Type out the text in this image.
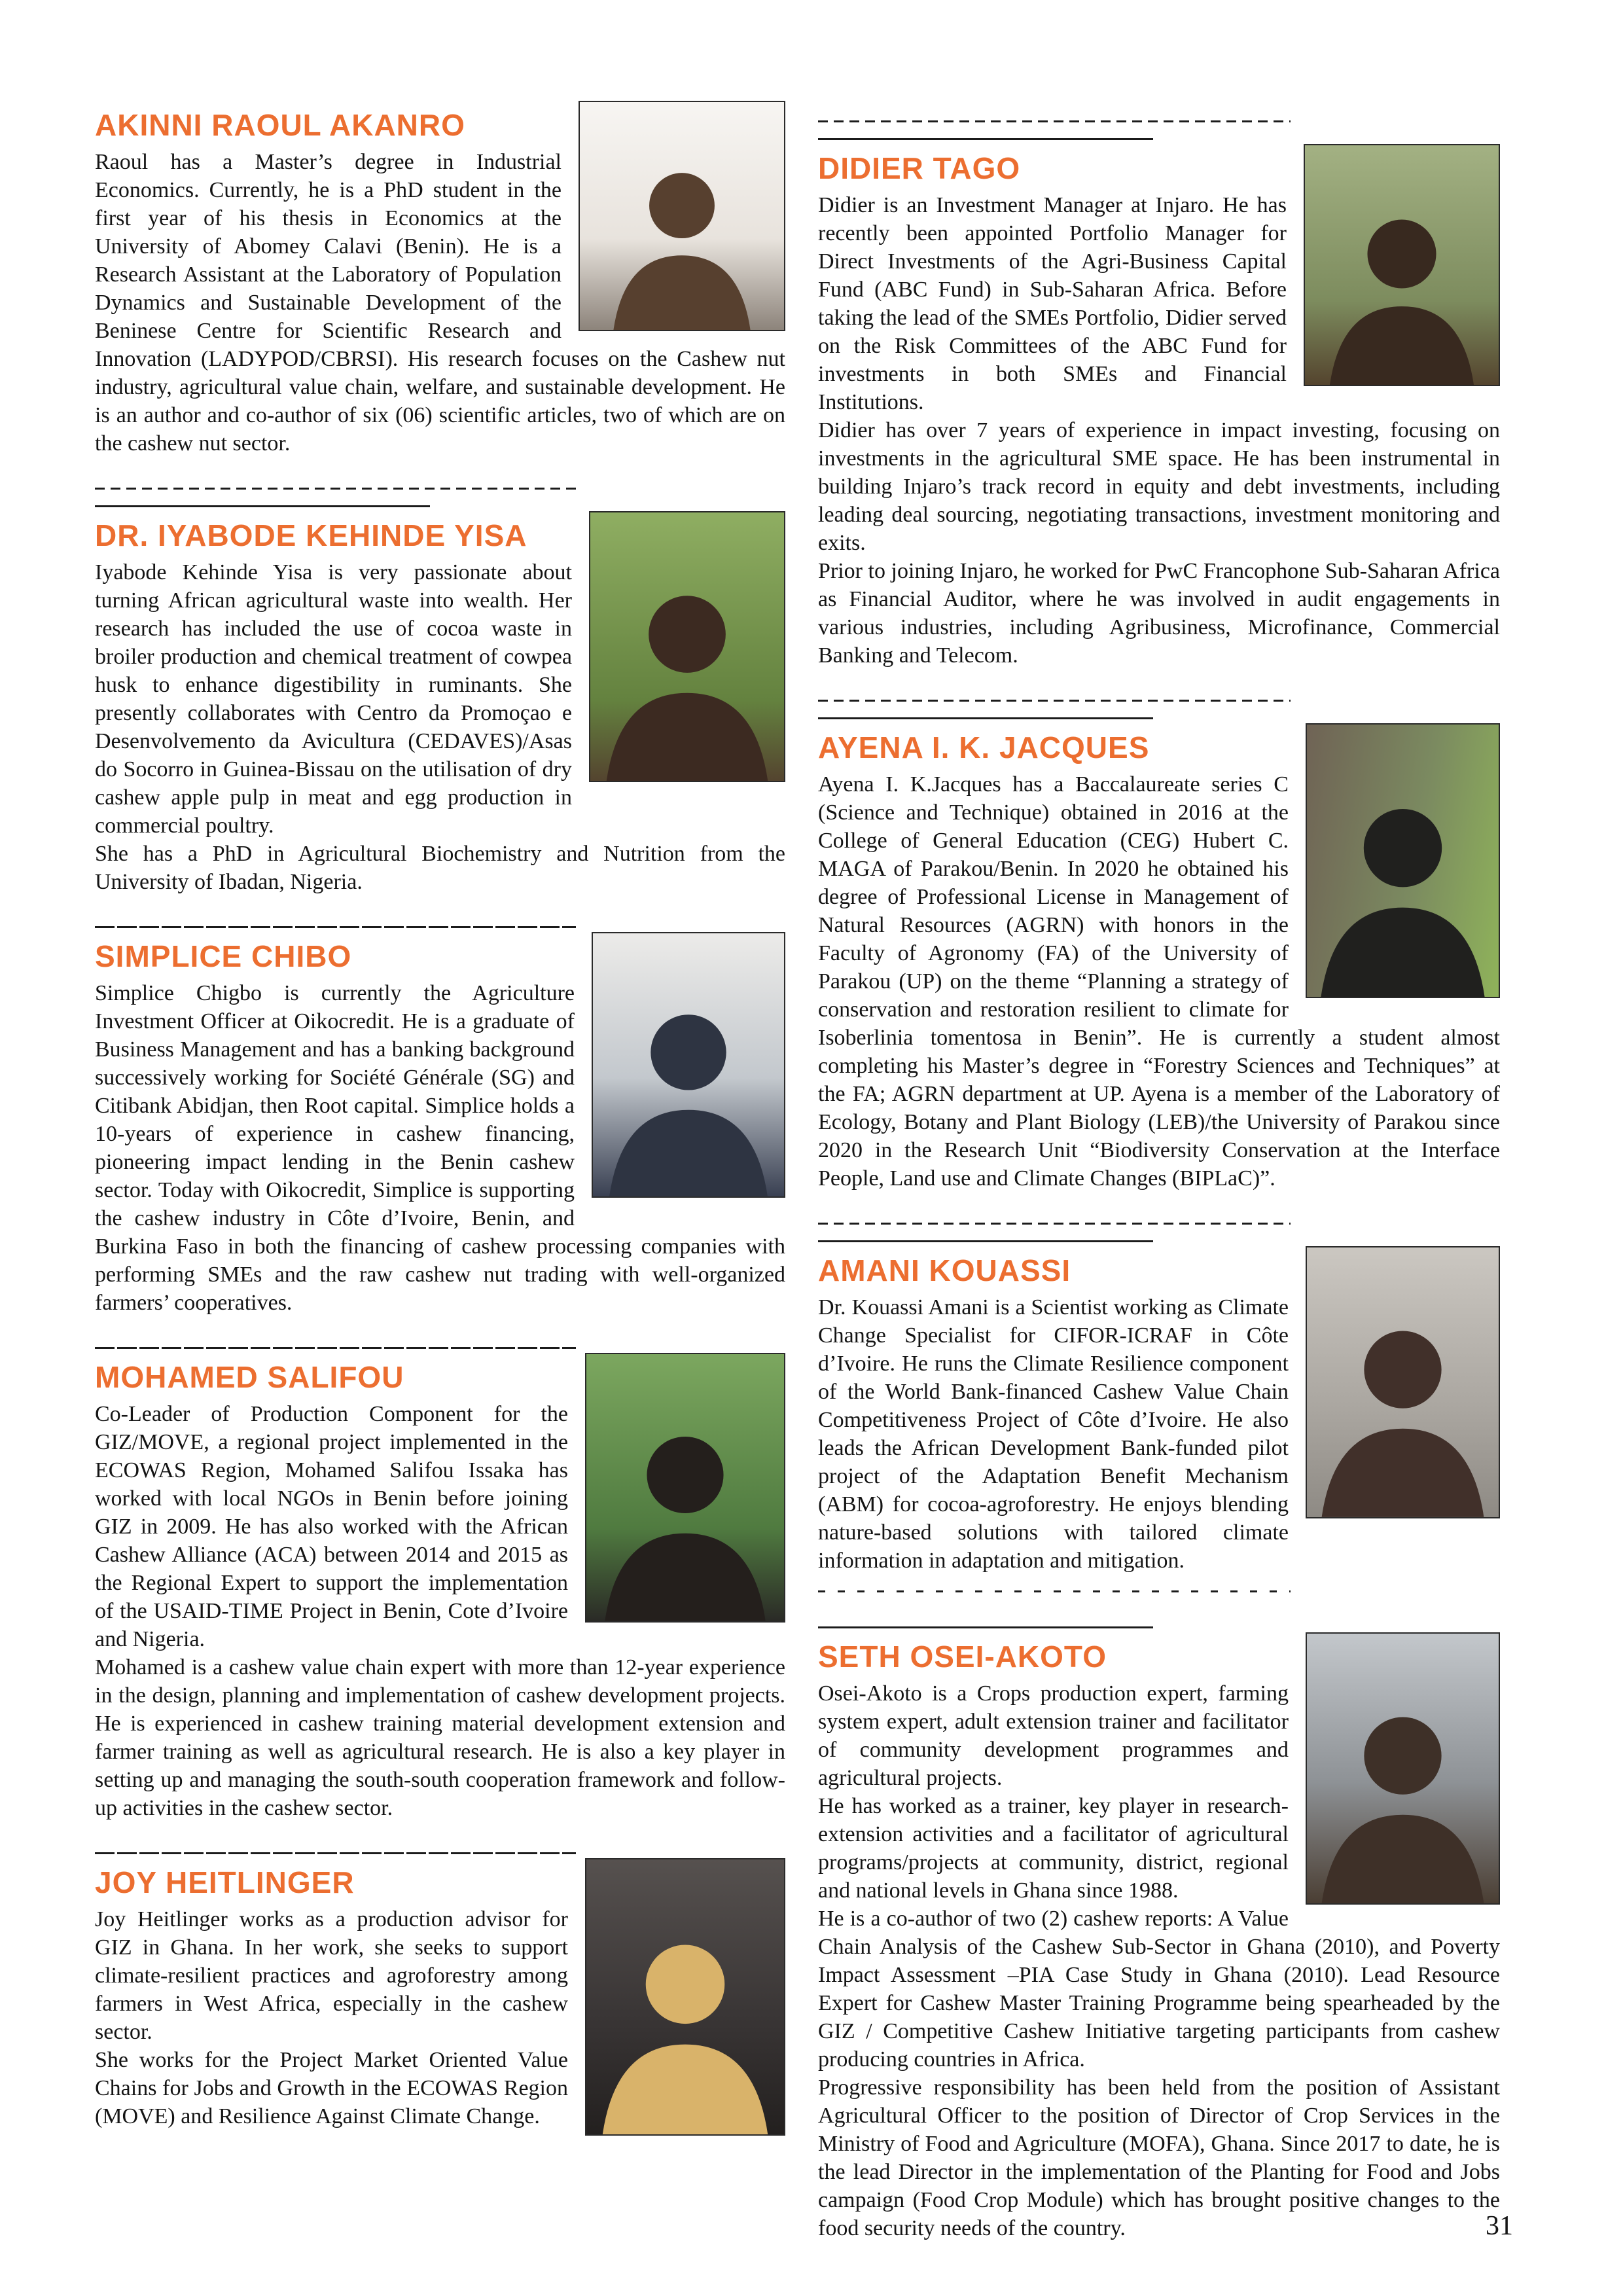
AKINNI RAOUL AKANRO

Raoul has a Master’s degree in Industrial Economics. Currently, he is a PhD student in the first year of his thesis in Economics at the University of Abomey Calavi (Benin). He is a Research Assistant at the Laboratory of Population Dynamics and Sustainable Development of the Beninese Centre for Scientific Research and Innovation (LADYPOD/CBRSI). His research focuses on the Cashew nut industry, agricultural value chain, welfare, and sustainable development. He is an author and co-author of six (06) scientific articles, two of which are on the cashew nut sector.

DR. IYABODE KEHINDE YISA

Iyabode Kehinde Yisa is very passionate about turning African agricultural waste into wealth. Her research has included the use of cocoa waste in broiler production and chemical treatment of cowpea husk to enhance digestibility in ruminants. She presently collaborates with Centro da Promoçao e Desenvolvemento da Avicultura (CEDAVES)/Asas do Socorro in Guinea-Bissau on the utilisation of dry cashew apple pulp in meat and egg production in commercial poultry.

She has a PhD in Agricultural Biochemistry and Nutrition from the University of Ibadan, Nigeria.

SIMPLICE CHIBO

Simplice Chigbo is currently the Agriculture Investment Officer at Oikocredit. He is a graduate of Business Management and has a banking background successively working for Société Générale (SG) and Citibank Abidjan, then Root capital. Simplice holds a 10-years of experience in cashew financing, pioneering impact lending in the Benin cashew sector. Today with Oikocredit, Simplice is supporting the cashew industry in Côte d’Ivoire, Benin, and Burkina Faso in both the financing of cashew processing companies with performing SMEs and the raw cashew nut trading with well-organized farmers’ cooperatives.

MOHAMED SALIFOU

Co-Leader of Production Component for the GIZ/MOVE, a regional project implemented in the ECOWAS Region, Mohamed Salifou Issaka has worked with local NGOs in Benin before joining GIZ in 2009. He has also worked with the African Cashew Alliance (ACA) between 2014 and 2015 as the Regional Expert to support the implementation of the USAID-TIME Project in Benin, Cote d’Ivoire and Nigeria.

Mohamed is a cashew value chain expert with more than 12-year experience in the design, planning and implementation of cashew development projects. He is experienced in cashew training material development extension and farmer training as well as agricultural research. He is also a key player in setting up and managing the south-south cooperation framework and follow-up activities in the cashew sector.

JOY HEITLINGER

Joy Heitlinger works as a production advisor for GIZ in Ghana. In her work, she seeks to support climate-resilient practices and agroforestry among farmers in West Africa, especially in the cashew sector.

She works for the Project Market Oriented Value Chains for Jobs and Growth in the ECOWAS Region (MOVE) and Resilience Against Climate Change.

DIDIER TAGO

Didier is an Investment Manager at Injaro. He has recently been appointed Portfolio Manager for Direct Investments of the Agri-Business Capital Fund (ABC Fund) in Sub-Saharan Africa. Before taking the lead of the SMEs Portfolio, Didier served on the Risk Committees of the ABC Fund for investments in both SMEs and Financial Institutions.

Didier has over 7 years of experience in impact investing, focusing on investments in the agricultural SME space. He has been instrumental in building Injaro’s track record in equity and debt investments, including leading deal sourcing, negotiating transactions, investment monitoring and exits.

Prior to joining Injaro, he worked for PwC Francophone Sub-Saharan Africa as Financial Auditor, where he was involved in audit engagements in various industries, including Agribusiness, Microfinance, Commercial Banking and Telecom.

AYENA I. K. JACQUES

Ayena I. K.Jacques has a Baccalaureate series C (Science and Technique) obtained in 2016 at the College of General Education (CEG) Hubert C. MAGA of Parakou/Benin. In 2020 he obtained his degree of Professional License in Management of Natural Resources (AGRN) with honors in the Faculty of Agronomy (FA) of the University of Parakou (UP) on the theme “Planning a strategy of conservation and restoration resilient to climate for Isoberlinia tomentosa in Benin”. He is currently a student almost completing his Master’s degree in “Forestry Sciences and Techniques” at the FA; AGRN department at UP. Ayena is a member of the Laboratory of Ecology, Botany and Plant Biology (LEB)/the University of Parakou since 2020 in the Research Unit “Biodiversity Conservation at the Interface People, Land use and Climate Changes (BIPLaC)”.

AMANI KOUASSI

Dr. Kouassi Amani is a Scientist working as Climate Change Specialist for CIFOR-ICRAF in Côte d’Ivoire. He runs the Climate Resilience component of the World Bank-financed Cashew Value Chain Competitiveness Project of Côte d’Ivoire. He also leads the African Development Bank-funded pilot project of the Adaptation Benefit Mechanism (ABM) for cocoa-agroforestry. He enjoys blending nature-based solutions with tailored climate information in adaptation and mitigation.

SETH OSEI-AKOTO

Osei-Akoto is a Crops production expert, farming system expert, adult extension trainer and facilitator of community development programmes and agricultural projects.

He has worked as a trainer, key player in research-extension activities and a facilitator of agricultural programs/projects at community, district, regional and national levels in Ghana since 1988.

He is a co-author of two (2) cashew reports: A Value Chain Analysis of the Cashew Sub-Sector in Ghana (2010), and Poverty Impact Assessment –PIA Case Study in Ghana (2010). Lead Resource Expert for Cashew Master Training Programme being spearheaded by the GIZ / Competitive Cashew Initiative targeting participants from cashew producing countries in Africa.

Progressive responsibility has been held from the position of Assistant Agricultural Officer to the position of Director of Crop Services in the Ministry of Food and Agriculture (MOFA), Ghana. Since 2017 to date, he is the lead Director in the implementation of the Planting for Food and Jobs campaign (Food Crop Module) which has brought positive changes to the food security needs of the country.	31
